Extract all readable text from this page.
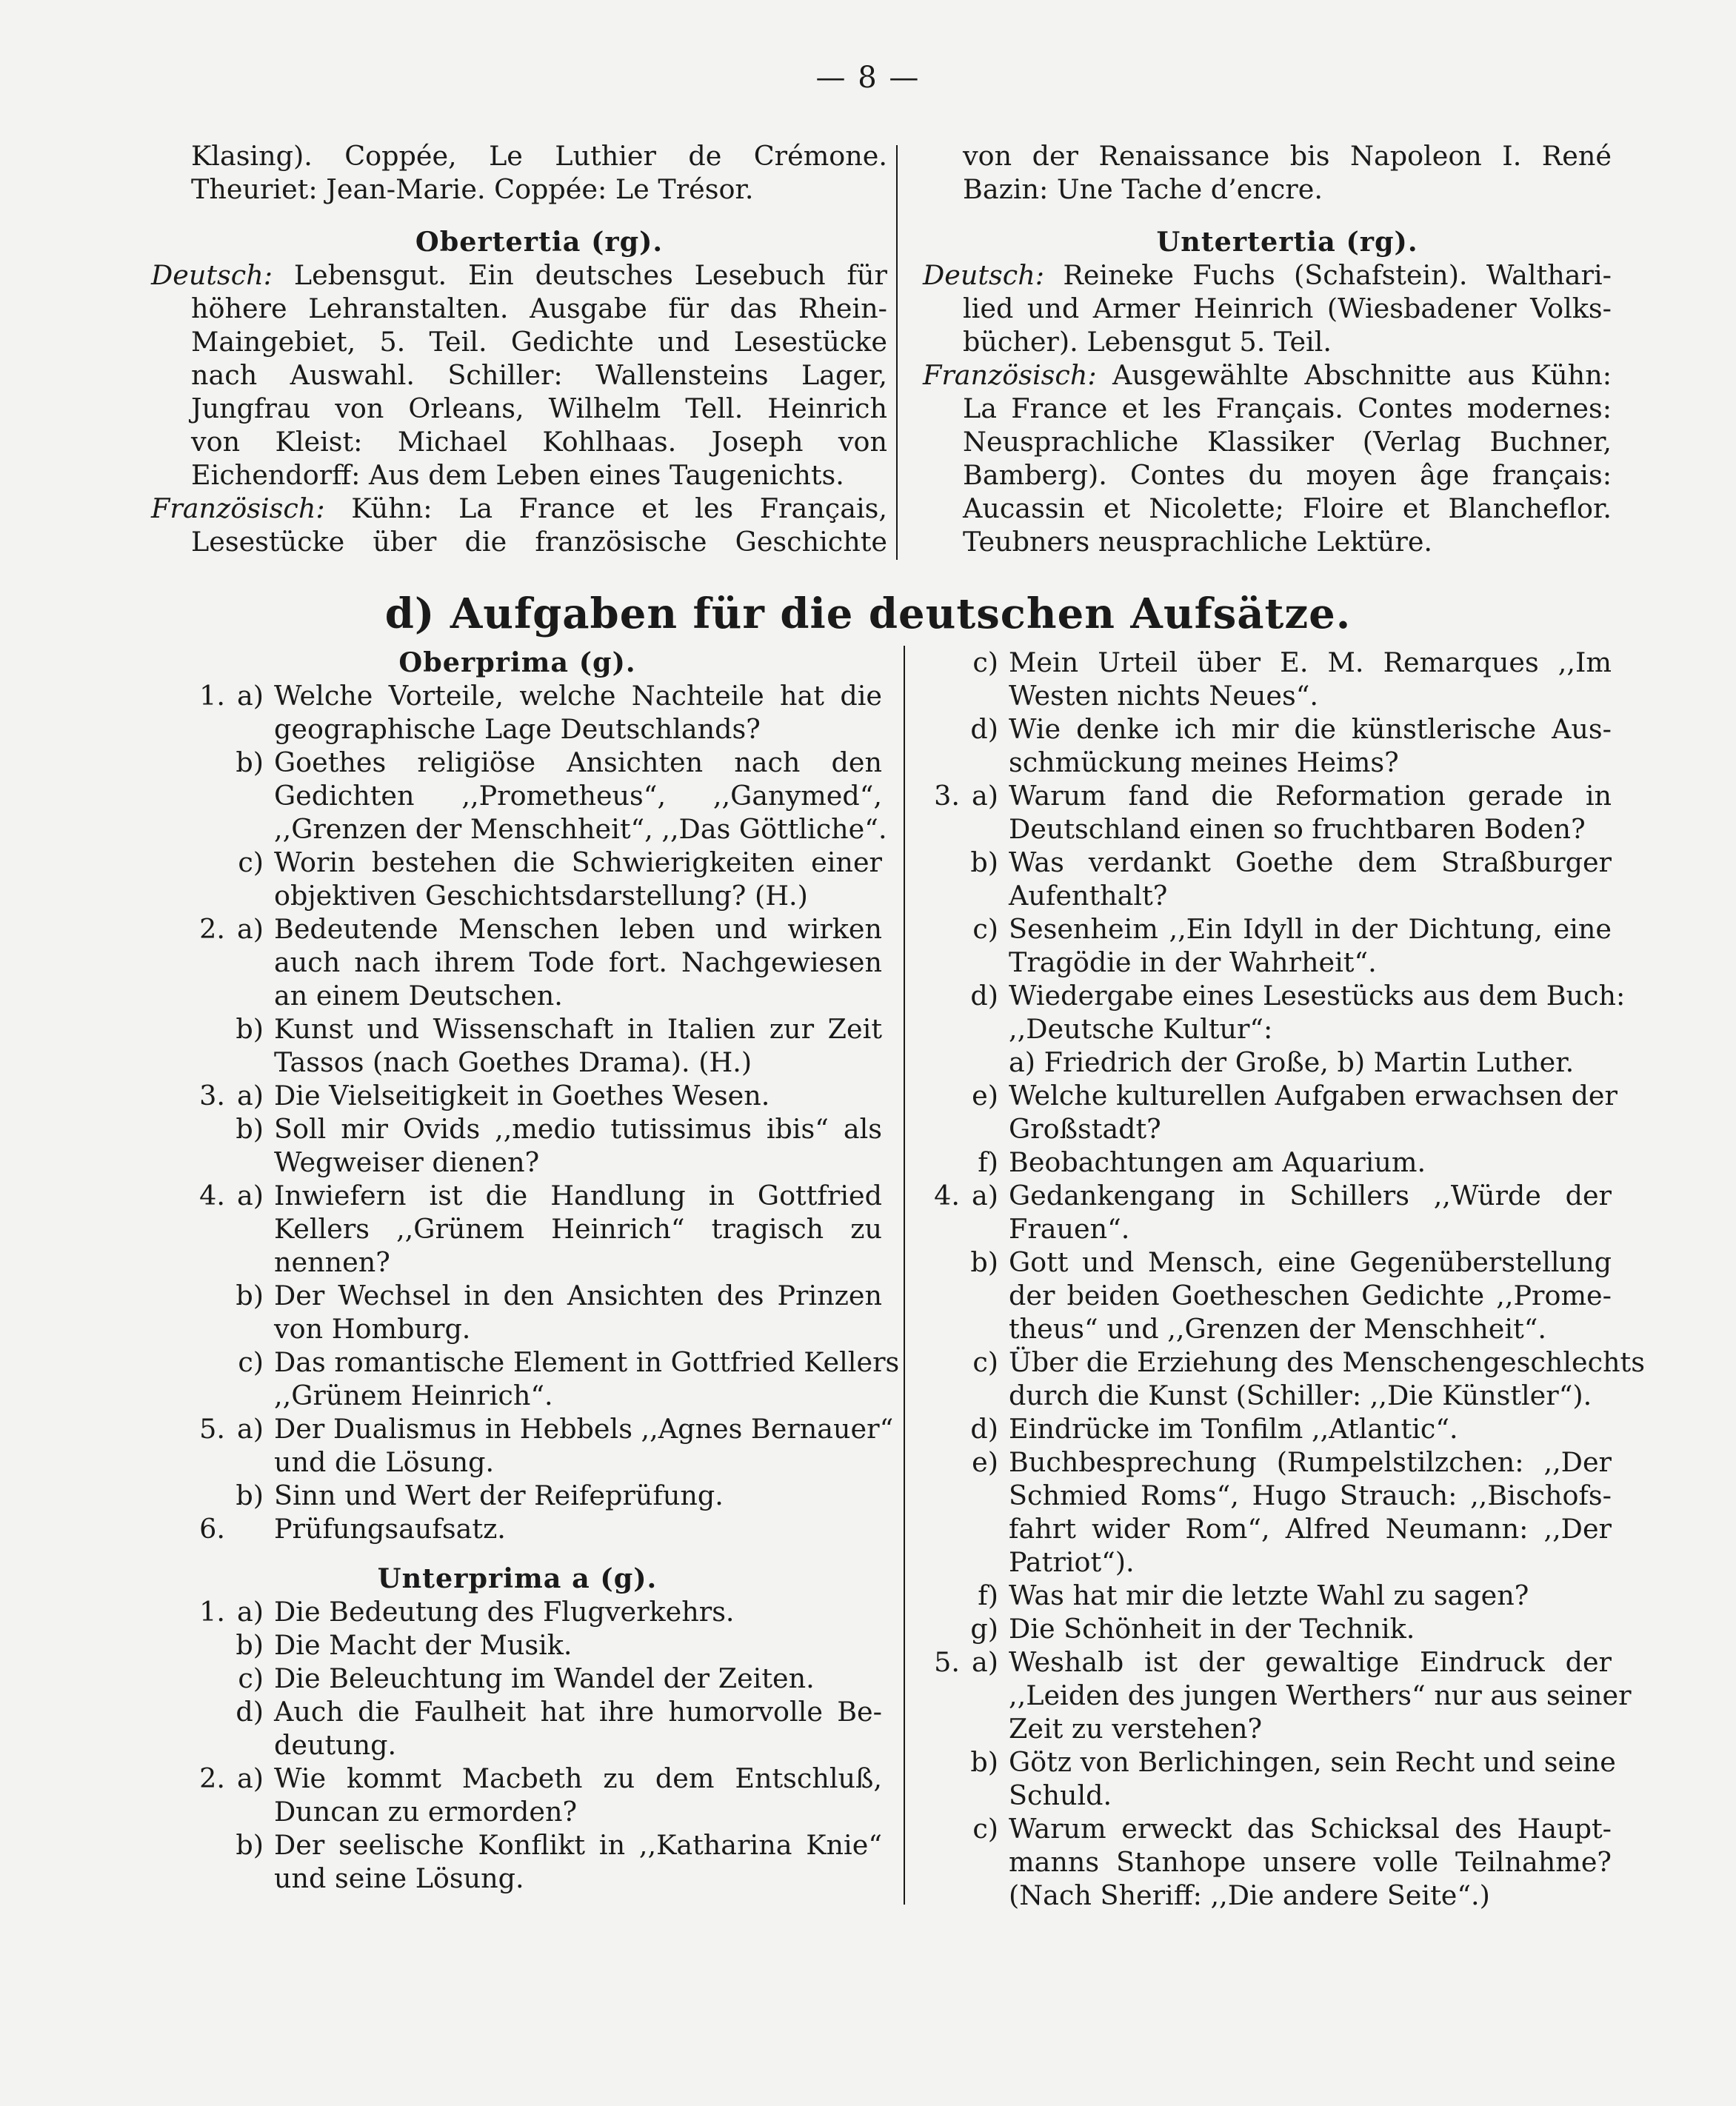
— 8 —
Klasing). Coppée, Le Luthier de Crémone.
Theuriet: Jean-Marie. Coppée: Le Trésor.
Obertertia (rg).
Deutsch: Lebensgut. Ein deutsches Lesebuch für
höhere Lehranstalten. Ausgabe für das Rhein-
Maingebiet, 5. Teil. Gedichte und Lesestücke
nach Auswahl. Schiller: Wallensteins Lager,
Jungfrau von Orleans, Wilhelm Tell. Heinrich
von Kleist: Michael Kohlhaas. Joseph von
Eichendorff: Aus dem Leben eines Taugenichts.
Französisch: Kühn: La France et les Français,
Lesestücke über die französische Geschichte
von der Renaissance bis Napoleon I. René
Bazin: Une Tache d’encre.
Untertertia (rg).
Deutsch: Reineke Fuchs (Schafstein). Walthari-
lied und Armer Heinrich (Wiesbadener Volks-
bücher). Lebensgut 5. Teil.
Französisch: Ausgewählte Abschnitte aus Kühn:
La France et les Français. Contes modernes:
Neusprachliche Klassiker (Verlag Buchner,
Bamberg). Contes du moyen âge français:
Aucassin et Nicolette; Floire et Blancheflor.
Teubners neusprachliche Lektüre.
d) Aufgaben für die deutschen Aufsätze.
Oberprima (g).
1. a) Welche Vorteile, welche Nachteile hat die
geographische Lage Deutschlands?
b) Goethes religiöse Ansichten nach den
Gedichten ,,Prometheus“, ,,Ganymed“,
,,Grenzen der Menschheit“, ,,Das Göttliche“.
c) Worin bestehen die Schwierigkeiten einer
objektiven Geschichtsdarstellung? (H.)
2. a) Bedeutende Menschen leben und wirken
auch nach ihrem Tode fort. Nachgewiesen
an einem Deutschen.
b) Kunst und Wissenschaft in Italien zur Zeit
Tassos (nach Goethes Drama). (H.)
3. a) Die Vielseitigkeit in Goethes Wesen.
b) Soll mir Ovids ,,medio tutissimus ibis“ als
Wegweiser dienen?
4. a) Inwiefern ist die Handlung in Gottfried
Kellers ,,Grünem Heinrich“ tragisch zu
nennen?
b) Der Wechsel in den Ansichten des Prinzen
von Homburg.
c) Das romantische Element in Gottfried Kellers
,,Grünem Heinrich“.
5. a) Der Dualismus in Hebbels ,,Agnes Bernauer“
und die Lösung.
b) Sinn und Wert der Reifeprüfung.
6. Prüfungsaufsatz.
Unterprima a (g).
1. a) Die Bedeutung des Flugverkehrs.
b) Die Macht der Musik.
c) Die Beleuchtung im Wandel der Zeiten.
d) Auch die Faulheit hat ihre humorvolle Be-
deutung.
2. a) Wie kommt Macbeth zu dem Entschluß,
Duncan zu ermorden?
b) Der seelische Konflikt in ,,Katharina Knie“
und seine Lösung.
c) Mein Urteil über E. M. Remarques ,,Im
Westen nichts Neues“.
d) Wie denke ich mir die künstlerische Aus-
schmückung meines Heims?
3. a) Warum fand die Reformation gerade in
Deutschland einen so fruchtbaren Boden?
b) Was verdankt Goethe dem Straßburger
Aufenthalt?
c) Sesenheim ,,Ein Idyll in der Dichtung, eine
Tragödie in der Wahrheit“.
d) Wiedergabe eines Lesestücks aus dem Buch:
,,Deutsche Kultur“:
a) Friedrich der Große, b) Martin Luther.
e) Welche kulturellen Aufgaben erwachsen der
Großstadt?
f) Beobachtungen am Aquarium.
4. a) Gedankengang in Schillers ,,Würde der
Frauen“.
b) Gott und Mensch, eine Gegenüberstellung
der beiden Goetheschen Gedichte ,,Prome-
theus“ und ,,Grenzen der Menschheit“.
c) Über die Erziehung des Menschengeschlechts
durch die Kunst (Schiller: ,,Die Künstler“).
d) Eindrücke im Tonfilm ,,Atlantic“.
e) Buchbesprechung (Rumpelstilzchen: ,,Der
Schmied Roms“, Hugo Strauch: ,,Bischofs-
fahrt wider Rom“, Alfred Neumann: ,,Der
Patriot“).
f) Was hat mir die letzte Wahl zu sagen?
g) Die Schönheit in der Technik.
5. a) Weshalb ist der gewaltige Eindruck der
,,Leiden des jungen Werthers“ nur aus seiner
Zeit zu verstehen?
b) Götz von Berlichingen, sein Recht und seine
Schuld.
c) Warum erweckt das Schicksal des Haupt-
manns Stanhope unsere volle Teilnahme?
(Nach Sheriff: ,,Die andere Seite“.)
